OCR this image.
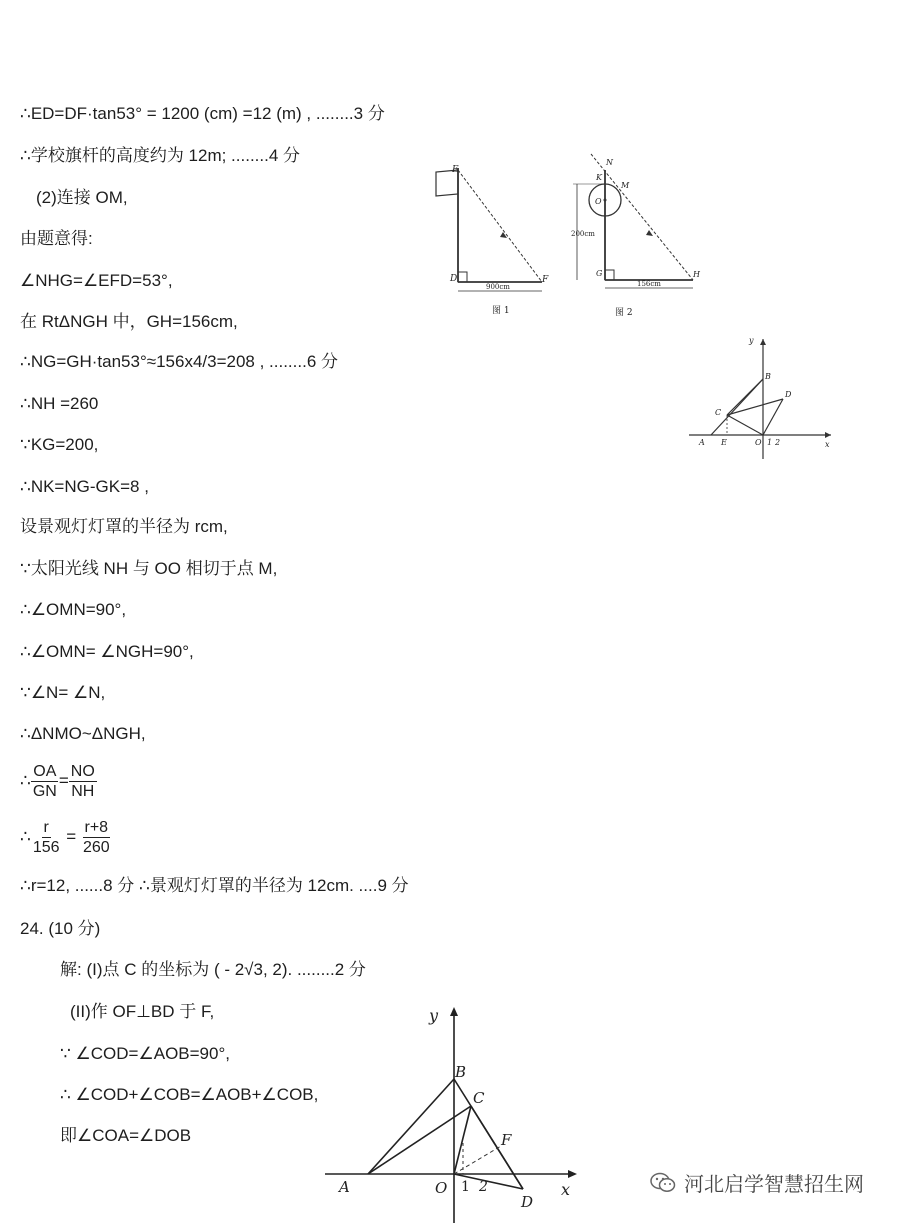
∴ED=DF·tan53° = 1200 (cm) =12 (m) , ........3 分
∴学校旗杆的高度约为 12m; ........4 分
(2)连接 OM,
由题意得:
∠NHG=∠EFD=53°,
在 RtΔNGH 中，GH=156cm,
∴NG=GH·tan53°≈156x4/3=208 , ........6 分
∴NH =260
∵KG=200,
∴NK=NG-GK=8 ,
设景观灯灯罩的半径为 rcm,
∵太阳光线 NH 与 OO 相切于点 M,
∴∠OMN=90°,
∴∠OMN= ∠NGH=90°,
∵∠N= ∠N,
∴ΔNMO~ΔNGH,
∴ $\frac{OA}{GN} = \frac{NO}{NH}$
∴ $\frac{r}{156} = \frac{r+8}{260}$
∴r=12, ......8 分 ∴景观灯灯罩的半径为 12cm. ....9 分
24. (10 分)
解: (I)点 C 的坐标为 ( - 2√3, 2). ........2 分
(II)作 OF⊥BD 于 F,
∵ ∠COD=∠AOB=90°,
∴ ∠COD+∠COB=∠AOB+∠COB,
即∠COA=∠DOB
E
D	F
900cm
图 1
N
K
M
O
G	H
200cm
156cm
图 2
y
x
B
C
D
A E	O 1 2
y
x
B
C
F
A	O
D
1 2	河北启学智慧招生网
